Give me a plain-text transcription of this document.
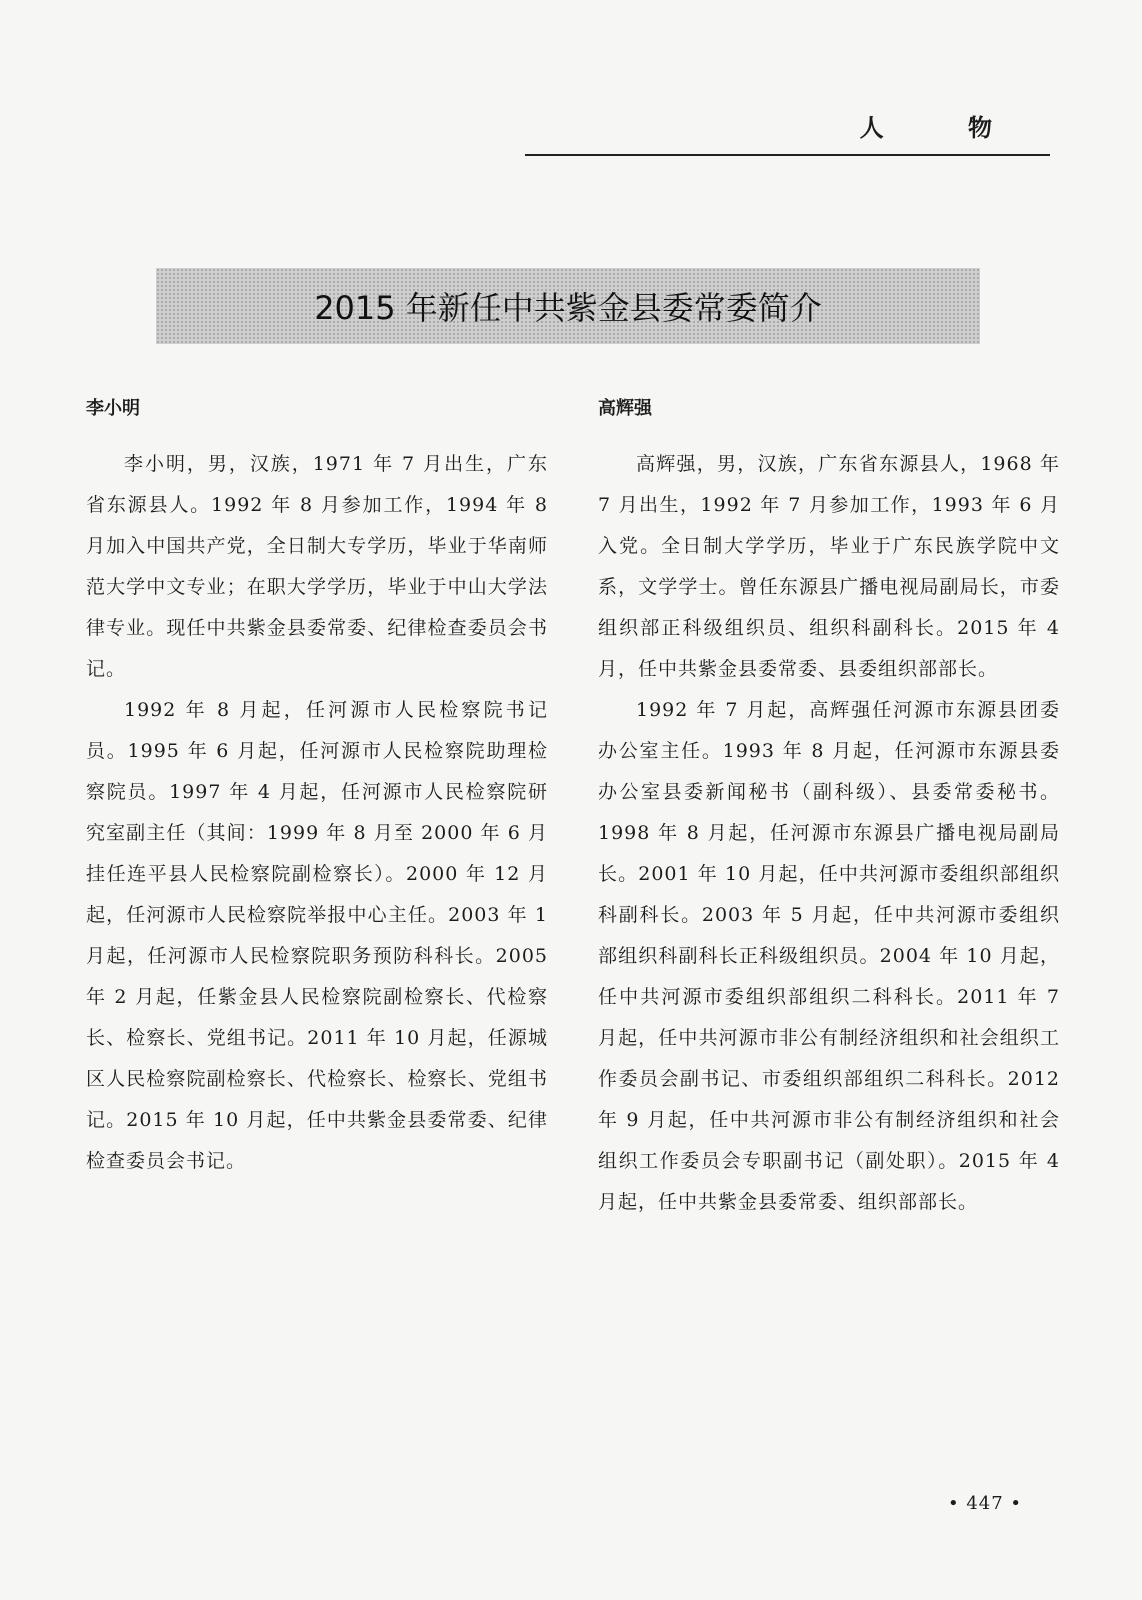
人 物
2015 年新任中共紫金县委常委简介
李小明

李小明，男，汉族，1971 年 7 月出生，广东省东源县人。1992 年 8 月参加工作，1994 年 8 月加入中国共产党，全日制大专学历，毕业于华南师范大学中文专业；在职大学学历，毕业于中山大学法律专业。现任中共紫金县委常委、纪律检查委员会书记。

1992 年 8 月起，任河源市人民检察院书记员。1995 年 6 月起，任河源市人民检察院助理检察院员。1997 年 4 月起，任河源市人民检察院研究室副主任（其间：1999 年 8 月至 2000 年 6 月挂任连平县人民检察院副检察长）。2000 年 12 月起，任河源市人民检察院举报中心主任。2003 年 1 月起，任河源市人民检察院职务预防科科长。2005 年 2 月起，任紫金县人民检察院副检察长、代检察长、检察长、党组书记。2011 年 10 月起，任源城区人民检察院副检察长、代检察长、检察长、党组书记。2015 年 10 月起，任中共紫金县委常委、纪律检查委员会书记。

高辉强

高辉强，男，汉族，广东省东源县人，1968 年 7 月出生，1992 年 7 月参加工作，1993 年 6 月入党。全日制大学学历，毕业于广东民族学院中文系，文学学士。曾任东源县广播电视局副局长，市委组织部正科级组织员、组织科副科长。2015 年 4 月，任中共紫金县委常委、县委组织部部长。

1992 年 7 月起，高辉强任河源市东源县团委办公室主任。1993 年 8 月起，任河源市东源县委办公室县委新闻秘书（副科级）、县委常委秘书。1998 年 8 月起，任河源市东源县广播电视局副局长。2001 年 10 月起，任中共河源市委组织部组织科副科长。2003 年 5 月起，任中共河源市委组织部组织科副科长正科级组织员。2004 年 10 月起，任中共河源市委组织部组织二科科长。2011 年 7 月起，任中共河源市非公有制经济组织和社会组织工作委员会副书记、市委组织部组织二科科长。2012 年 9 月起，任中共河源市非公有制经济组织和社会组织工作委员会专职副书记（副处职）。2015 年 4 月起，任中共紫金县委常委、组织部部长。

• 447 •
